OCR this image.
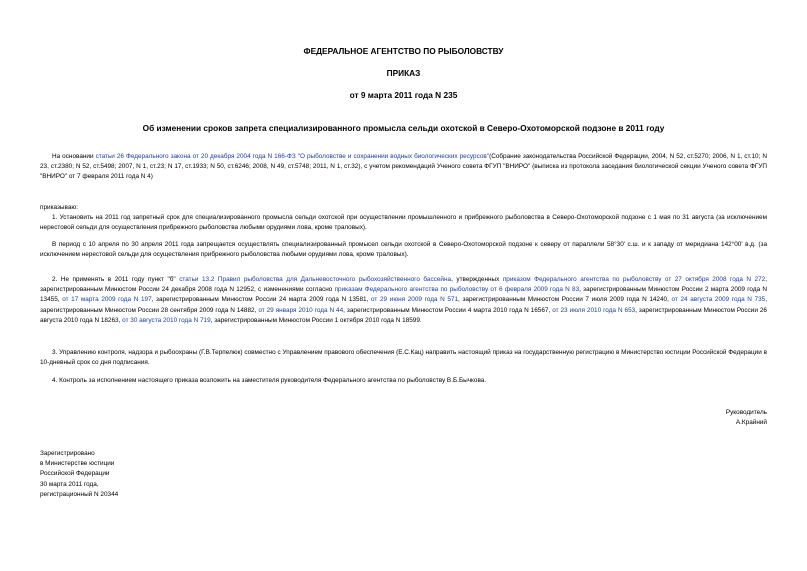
ФЕДЕРАЛЬНОЕ АГЕНТСТВО ПО РЫБОЛОВСТВУ
ПРИКАЗ
от 9 марта 2011 года N 235
Об изменении сроков запрета специализированного промысла сельди охотской в Северо-Охотоморской подзоне в 2011 году
На основании статьи 26 Федерального закона от 20 декабря 2004 года N 166-ФЗ "О рыболовстве и сохранении водных биологических ресурсов"(Собрание законодательства Российской Федерации, 2004, N 52, ст.5270; 2006, N 1, ст.10; N 23, ст.2380; N 52, ст.5498; 2007, N 1, ст.23; N 17, ст.1933; N 50, ст.6246; 2008, N 49, ст.5748; 2011, N 1, ст.32), с учетом рекомендаций Ученого совета ФГУП "ВНИРО" (выписка из протокола заседания биологической секции Ученого совета ФГУП "ВНИРО" от 7 февраля 2011 года N 4)
приказываю:
1. Установить на 2011 год запретный срок для специализированного промысла сельди охотской при осуществлении промышленного и прибрежного рыболовства в Северо-Охотоморской подзоне с 1 мая по 31 августа (за исключением нерестовой сельди для осуществления прибрежного рыболовства любыми орудиями лова, кроме траловых).
В период с 10 апреля по 30 апреля 2011 года запрещается осуществлять специализированный промысел сельди охотской в Северо-Охотоморской подзоне к северу от параллели 58°30' с.ш. и к западу от меридиана 142°00' в.д. (за исключением нерестовой сельди для осуществления прибрежного рыболовства любыми орудиями лова, кроме траловых).
2. Не применять в 2011 году пункт "б" статьи 13.2 Правил рыболовства для Дальневосточного рыбохозяйственного бассейна, утвержденных приказом Федерального агентства по рыболовству от 27 октября 2008 года N 272, зарегистрированным Минюстом России 24 декабря 2008 года N 12952, с изменениями согласно приказам Федерального агентства по рыболовству от 6 февраля 2009 года N 83, зарегистрированным Минюстом России 2 марта 2009 года N 13455, от 17 марта 2009 года N 197, зарегистрированным Минюстом России 24 марта 2009 года N 13581, от 29 июня 2009 года N 571, зарегистрированным Минюстом России 7 июля 2009 года N 14240, от 24 августа 2009 года N 735, зарегистрированным Минюстом России 28 сентября 2009 года N 14882, от 29 января 2010 года N 44, зарегистрированным Минюстом России 4 марта 2010 года N 16567, от 23 июля 2010 года N 653, зарегистрированным Минюстом России 26 августа 2010 года N 18263, от 30 августа 2010 года N 719, зарегистрированным Минюстом России 1 октября 2010 года N 18599.
3. Управлению контроля, надзора и рыбоохраны (Г.В.Терпелюк) совместно с Управлением правового обеспечения (Е.С.Кац) направить настоящий приказ на государственную регистрацию в Министерство юстиции Российской Федерации в 10-дневный срок со дня подписания.
4. Контроль за исполнением настоящего приказа возложить на заместителя руководителя Федерального агентства по рыболовству В.Б.Бычкова.
Руководитель
А.Крайний
Зарегистрировано
в Министерстве юстиции
Российской Федерации
30 марта 2011 года,
регистрационный N 20344
